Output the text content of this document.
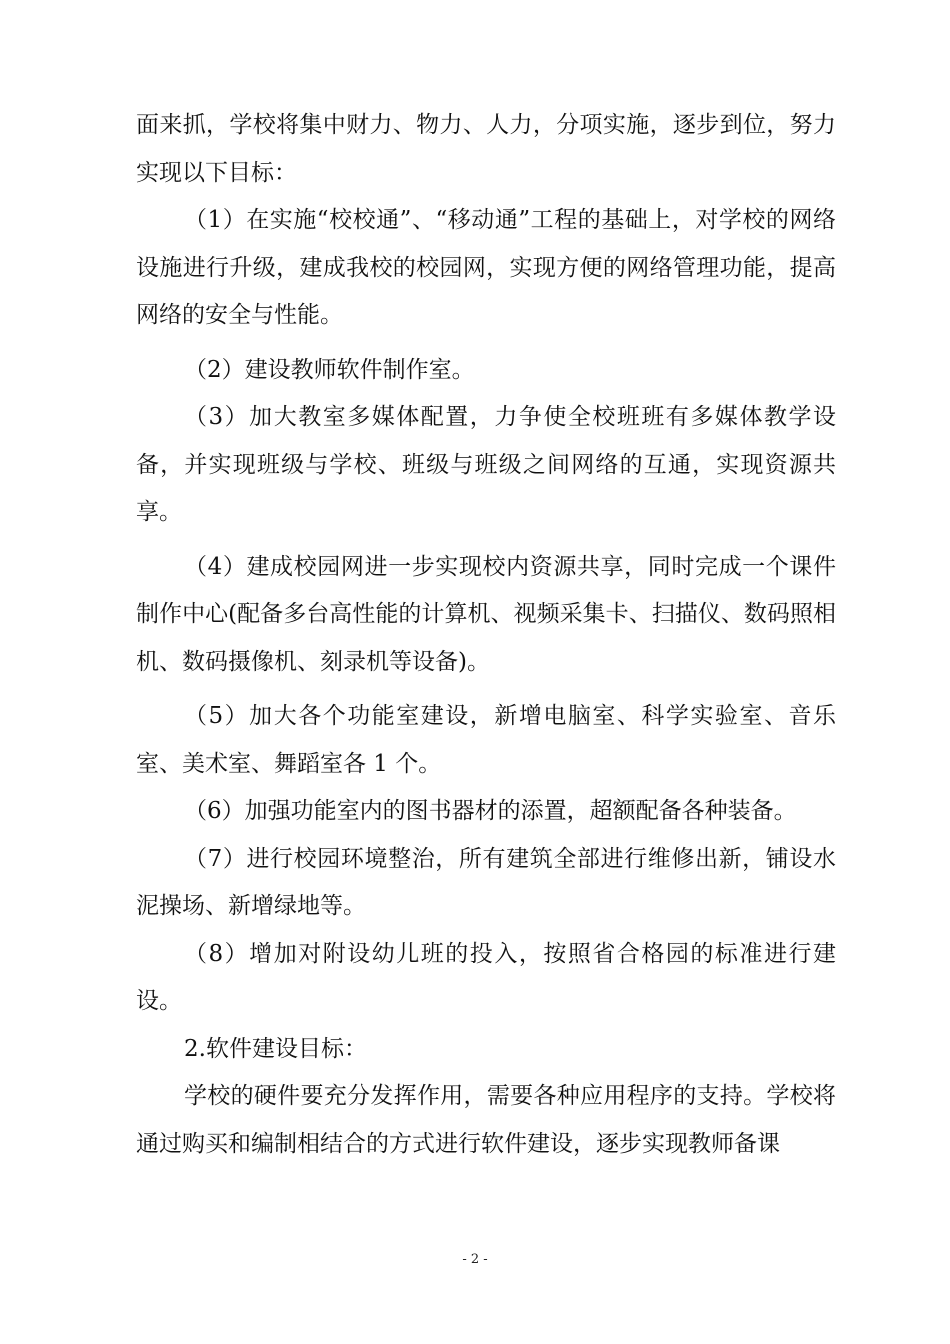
面来抓，学校将集中财力、物力、人力，分项实施，逐步到位，努力实现以下目标：

（1）在实施“校校通”、“移动通”工程的基础上，对学校的网络设施进行升级，建成我校的校园网，实现方便的网络管理功能，提高网络的安全与性能。

（2）建设教师软件制作室。

（3）加大教室多媒体配置，力争使全校班班有多媒体教学设备，并实现班级与学校、班级与班级之间网络的互通，实现资源共享。

（4）建成校园网进一步实现校内资源共享，同时完成一个课件制作中心(配备多台高性能的计算机、视频采集卡、扫描仪、数码照相机、数码摄像机、刻录机等设备)。

（5）加大各个功能室建设，新增电脑室、科学实验室、音乐室、美术室、舞蹈室各 1 个。

（6）加强功能室内的图书器材的添置，超额配备各种装备。

（7）进行校园环境整治，所有建筑全部进行维修出新，铺设水泥操场、新增绿地等。

（8）增加对附设幼儿班的投入，按照省合格园的标准进行建设。

2.软件建设目标：

学校的硬件要充分发挥作用，需要各种应用程序的支持。学校将通过购买和编制相结合的方式进行软件建设，逐步实现教师备课

- 2 -
